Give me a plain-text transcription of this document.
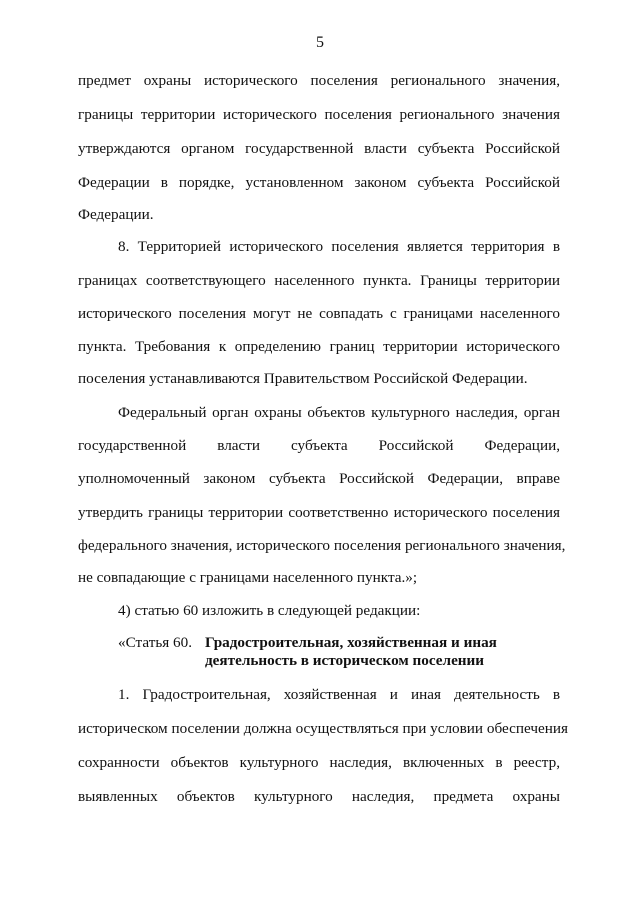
5
предмет охраны исторического поселения регионального значения,
границы территории исторического поселения регионального значения
утверждаются органом государственной власти субъекта Российской
Федерации в порядке, установленном законом субъекта Российской
Федерации.
8. Территорией исторического поселения является территория в
границах соответствующего населенного пункта. Границы территории
исторического поселения могут не совпадать с границами населенного
пункта. Требования к определению границ территории исторического
поселения устанавливаются Правительством Российской Федерации.
Федеральный орган охраны объектов культурного наследия, орган
государственной власти субъекта Российской Федерации,
уполномоченный законом субъекта Российской Федерации, вправе
утвердить границы территории соответственно исторического поселения
федерального значения, исторического поселения регионального значения,
не совпадающие с границами населенного пункта.»;
4) статью 60 изложить в следующей редакции:
«Статья 60. Градостроительная, хозяйственная и иная
деятельность в историческом поселении
1. Градостроительная, хозяйственная и иная деятельность в
историческом поселении должна осуществляться при условии обеспечения
сохранности объектов культурного наследия, включенных в реестр,
выявленных объектов культурного наследия, предмета охраны
